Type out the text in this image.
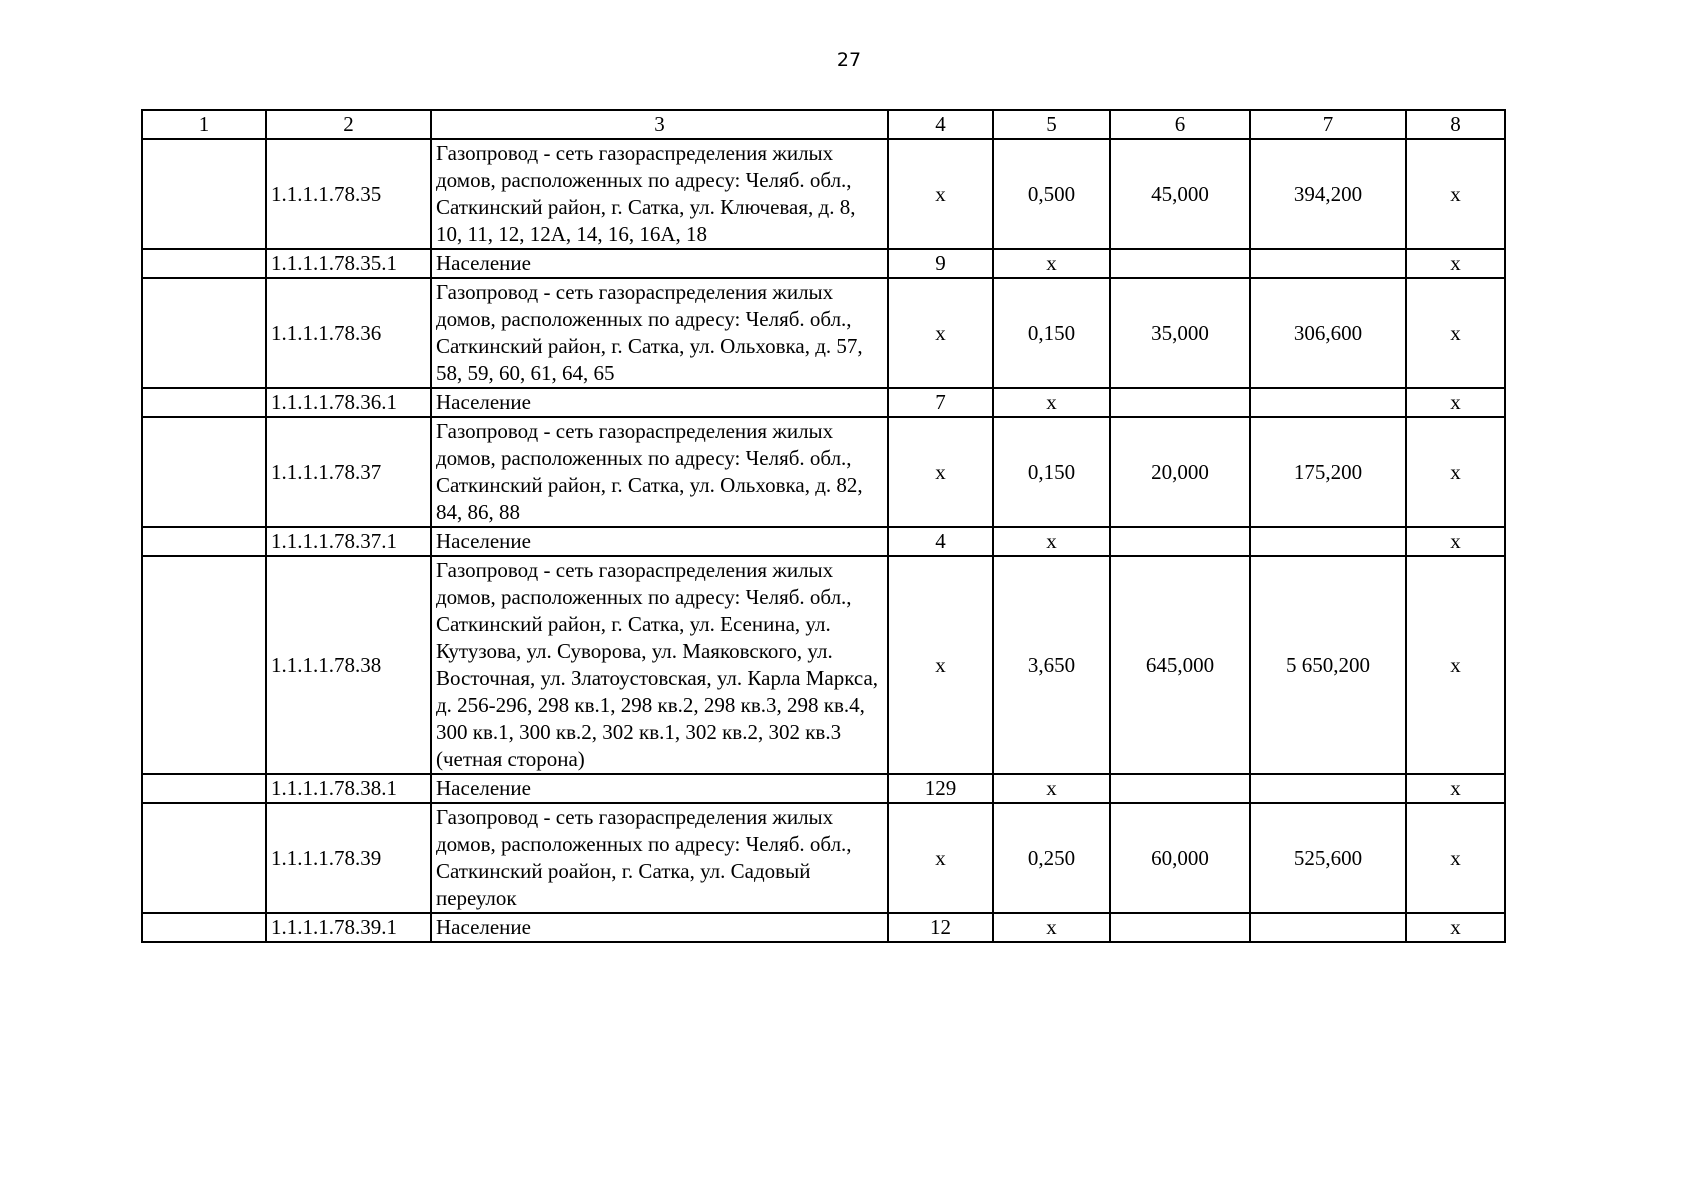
27
1	2	3	4	5	6	7	8
	1.1.1.1.78.35	Газопровод - сеть газораспределения жилых домов, расположенных по адресу: Челяб. обл., Саткинский район, г. Сатка, ул. Ключевая, д. 8, 10, 11, 12, 12А, 14, 16, 16А, 18	x	0,500	45,000	394,200	x
	1.1.1.1.78.35.1	Население	9	x			x
	1.1.1.1.78.36	Газопровод - сеть газораспределения жилых домов, расположенных по адресу: Челяб. обл., Саткинский район, г. Сатка, ул. Ольховка, д. 57, 58, 59, 60, 61, 64, 65	x	0,150	35,000	306,600	x
	1.1.1.1.78.36.1	Население	7	x			x
	1.1.1.1.78.37	Газопровод - сеть газораспределения жилых домов, расположенных по адресу: Челяб. обл., Саткинский район, г. Сатка, ул. Ольховка, д. 82, 84, 86, 88	x	0,150	20,000	175,200	x
	1.1.1.1.78.37.1	Население	4	x			x
	1.1.1.1.78.38	Газопровод - сеть газораспределения жилых домов, расположенных по адресу: Челяб. обл., Саткинский район, г. Сатка, ул. Есенина, ул. Кутузова, ул. Суворова, ул. Маяковского, ул. Восточная, ул. Златоустовская, ул. Карла Маркса, д. 256-296, 298 кв.1, 298 кв.2, 298 кв.3, 298 кв.4, 300 кв.1, 300 кв.2, 302 кв.1, 302 кв.2, 302 кв.3 (четная сторона)	x	3,650	645,000	5 650,200	x
	1.1.1.1.78.38.1	Население	129	x			x
	1.1.1.1.78.39	Газопровод - сеть газораспределения жилых домов, расположенных по адресу: Челяб. обл., Саткинский роайон, г. Сатка, ул. Садовый переулок	x	0,250	60,000	525,600	x
	1.1.1.1.78.39.1	Население	12	x			x
